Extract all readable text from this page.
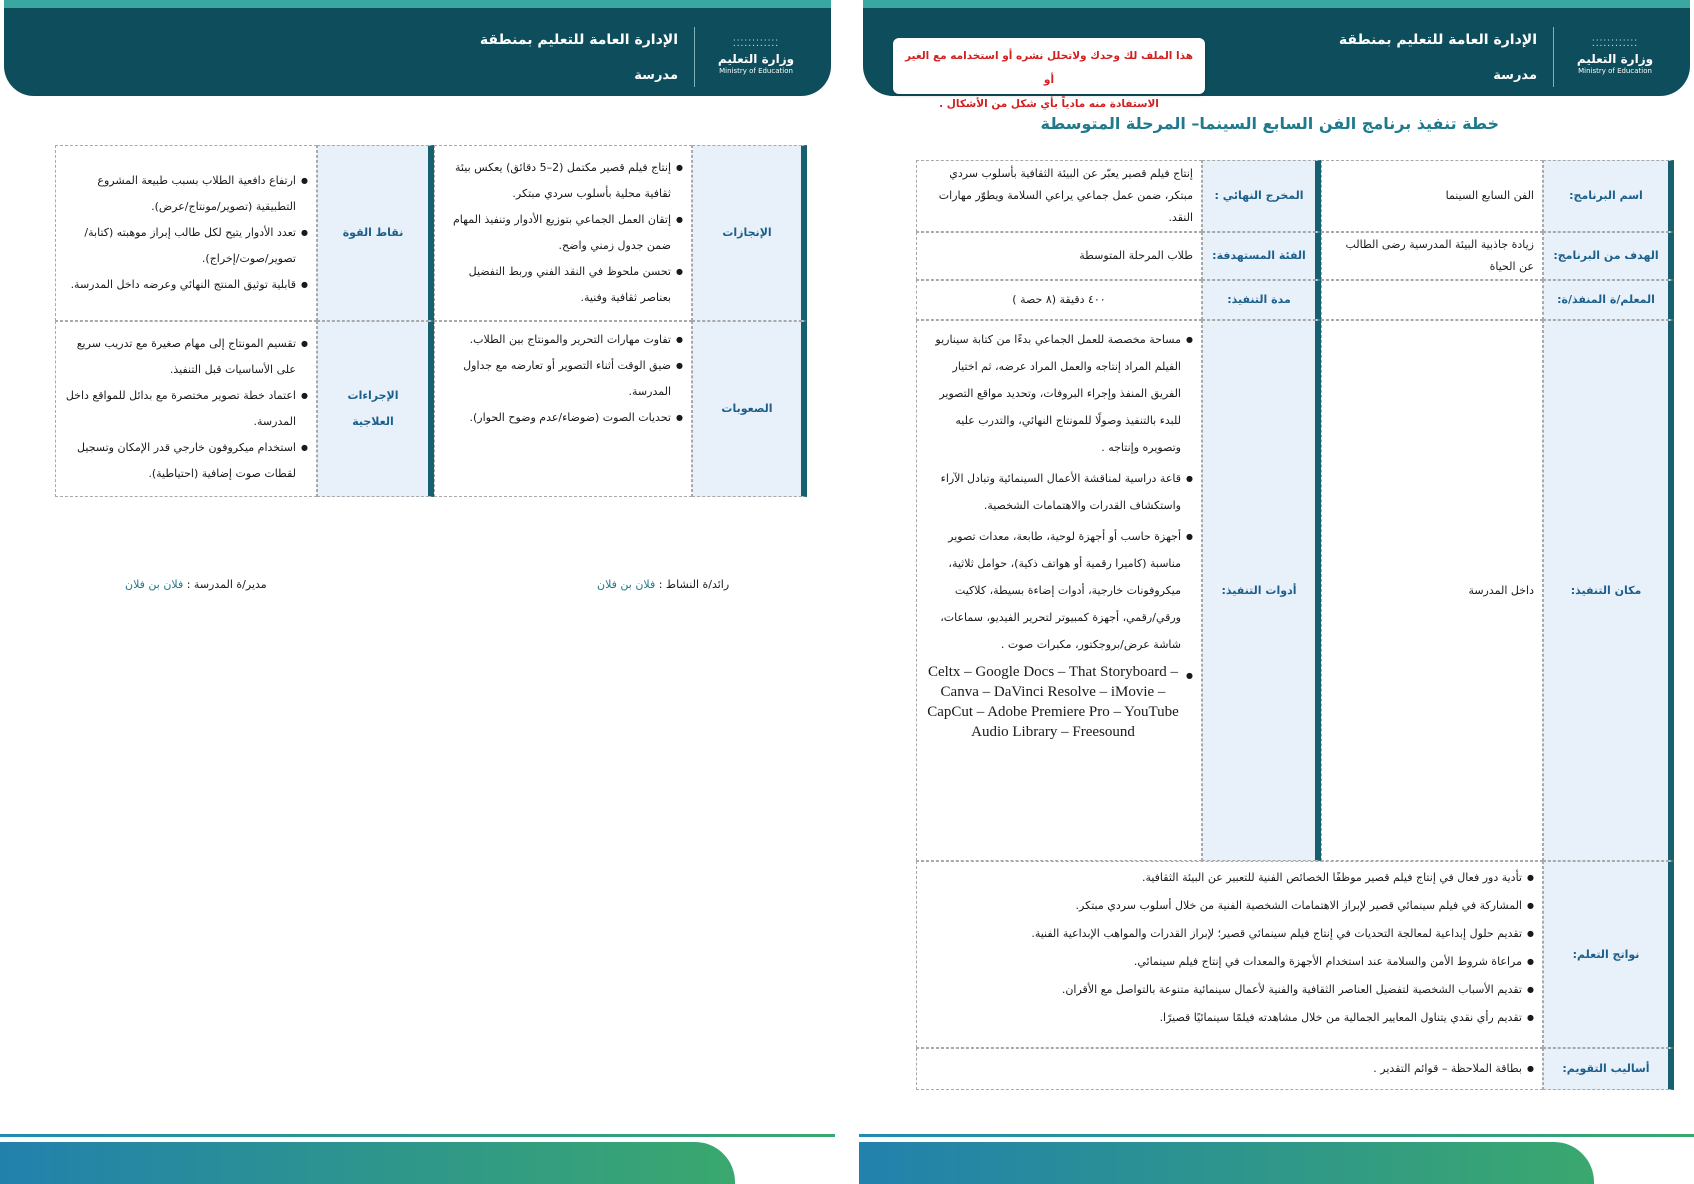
⁚⁚⁚⁚⁚⁚⁚⁚⁚⁚⁚⁚
وزارة التعليم
Ministry of Education
الإدارة العامة للتعليم بمنطقة
مدرسة
هذا الملف لك وحدك ولاتحلل نشره أو استخدامه مع الغير أو
الاستفادة منه مادياً بأي شكل من الأشكال .
خطة تنفيذ برنامج الفن السابع السينما– المرحلة المتوسطة
اسم البرنامج:
الفن السابع السينما
المخرج النهائي :
إنتاج فيلم قصير يعبّر عن البيئة الثقافية بأسلوب سردي مبتكر، ضمن عمل جماعي يراعي السلامة ويطوّر مهارات النقد.
الهدف من البرنامج:
زيادة جاذبية البيئة المدرسية رضى الطالب عن الحياة
الفئة المستهدفة:
طلاب المرحلة المتوسطة
المعلم/ة المنفذ/ة:
مدة التنفيذ:
٤٠٠ دقيقة (٨ حصة )
مكان التنفيذ:
داخل المدرسة
أدوات التنفيذ:
● مساحة مخصصة للعمل الجماعي بدءًا من كتابة سيناريو الفيلم المراد إنتاجه والعمل المراد عرضه، ثم اختيار الفريق المنفذ وإجراء البروفات، وتحديد مواقع التصوير للبدء بالتنفيذ وصولًا للمونتاج النهائي، والتدرب عليه وتصويره وإنتاجه .
● قاعة دراسية لمناقشة الأعمال السينمائية وتبادل الآراء واستكشاف القدرات والاهتمامات الشخصية.
● أجهزة حاسب أو أجهزة لوحية، طابعة، معدات تصوير مناسبة (كاميرا رقمية أو هواتف ذكية)، حوامل ثلاثية، ميكروفونات خارجية، أدوات إضاءة بسيطة، كلاكيت ورقي/رقمي، أجهزة كمبيوتر لتحرير الفيديو، سماعات، شاشة عرض/بروجكتور، مكبرات صوت .
● Celtx – Google Docs – That Storyboard – Canva – DaVinci Resolve – iMovie – CapCut – Adobe Premiere Pro – YouTube Audio Library – Freesound
نواتج التعلم:
● تأدية دور فعال في إنتاج فيلم قصير موظفًا الخصائص الفنية للتعبير عن البيئة الثقافية.
● المشاركة في فيلم سينمائي قصير لإبراز الاهتمامات الشخصية الفنية من خلال أسلوب سردي مبتكر.
● تقديم حلول إبداعية لمعالجة التحديات في إنتاج فيلم سينمائي قصير؛ لإبراز القدرات والمواهب الإبداعية الفنية.
● مراعاة شروط الأمن والسلامة عند استخدام الأجهزة والمعدات في إنتاج فيلم سينمائي.
● تقديم الأسباب الشخصية لتفضيل العناصر الثقافية والفنية لأعمال سينمائية متنوعة بالتواصل مع الأقران.
● تقديم رأي نقدي يتناول المعايير الجمالية من خلال مشاهدته فيلمًا سينمائيًا قصيرًا.
أساليب التقويم:
● بطاقة الملاحظة – قوائم التقدير .
⁚⁚⁚⁚⁚⁚⁚⁚⁚⁚⁚⁚
وزارة التعليم
Ministry of Education
الإدارة العامة للتعليم بمنطقة
مدرسة
الإنجازات
● إنتاج فيلم قصير مكتمل (2–5 دقائق) يعكس بيئة ثقافية محلية بأسلوب سردي مبتكر.
● إتقان العمل الجماعي بتوزيع الأدوار وتنفيذ المهام ضمن جدول زمني واضح.
● تحسن ملحوظ في النقد الفني وربط التفضيل بعناصر ثقافية وفنية.
نقاط القوة
● ارتفاع دافعية الطلاب بسبب طبيعة المشروع التطبيقية (تصوير/مونتاج/عرض).
● تعدد الأدوار يتيح لكل طالب إبراز موهبته (كتابة/تصوير/صوت/إخراج).
● قابلية توثيق المنتج النهائي وعرضه داخل المدرسة.
الصعوبات
● تفاوت مهارات التحرير والمونتاج بين الطلاب.
● ضيق الوقت أثناء التصوير أو تعارضه مع جداول المدرسة.
● تحديات الصوت (ضوضاء/عدم وضوح الحوار).
الإجراءات العلاجية
● تقسيم المونتاج إلى مهام صغيرة مع تدريب سريع على الأساسيات قبل التنفيذ.
● اعتماد خطة تصوير مختصرة مع بدائل للمواقع داخل المدرسة.
● استخدام ميكروفون خارجي قدر الإمكان وتسجيل لقطات صوت إضافية (احتياطية).
رائد/ة النشاط : فلان بن فلان
مدير/ة المدرسة : فلان بن فلان
